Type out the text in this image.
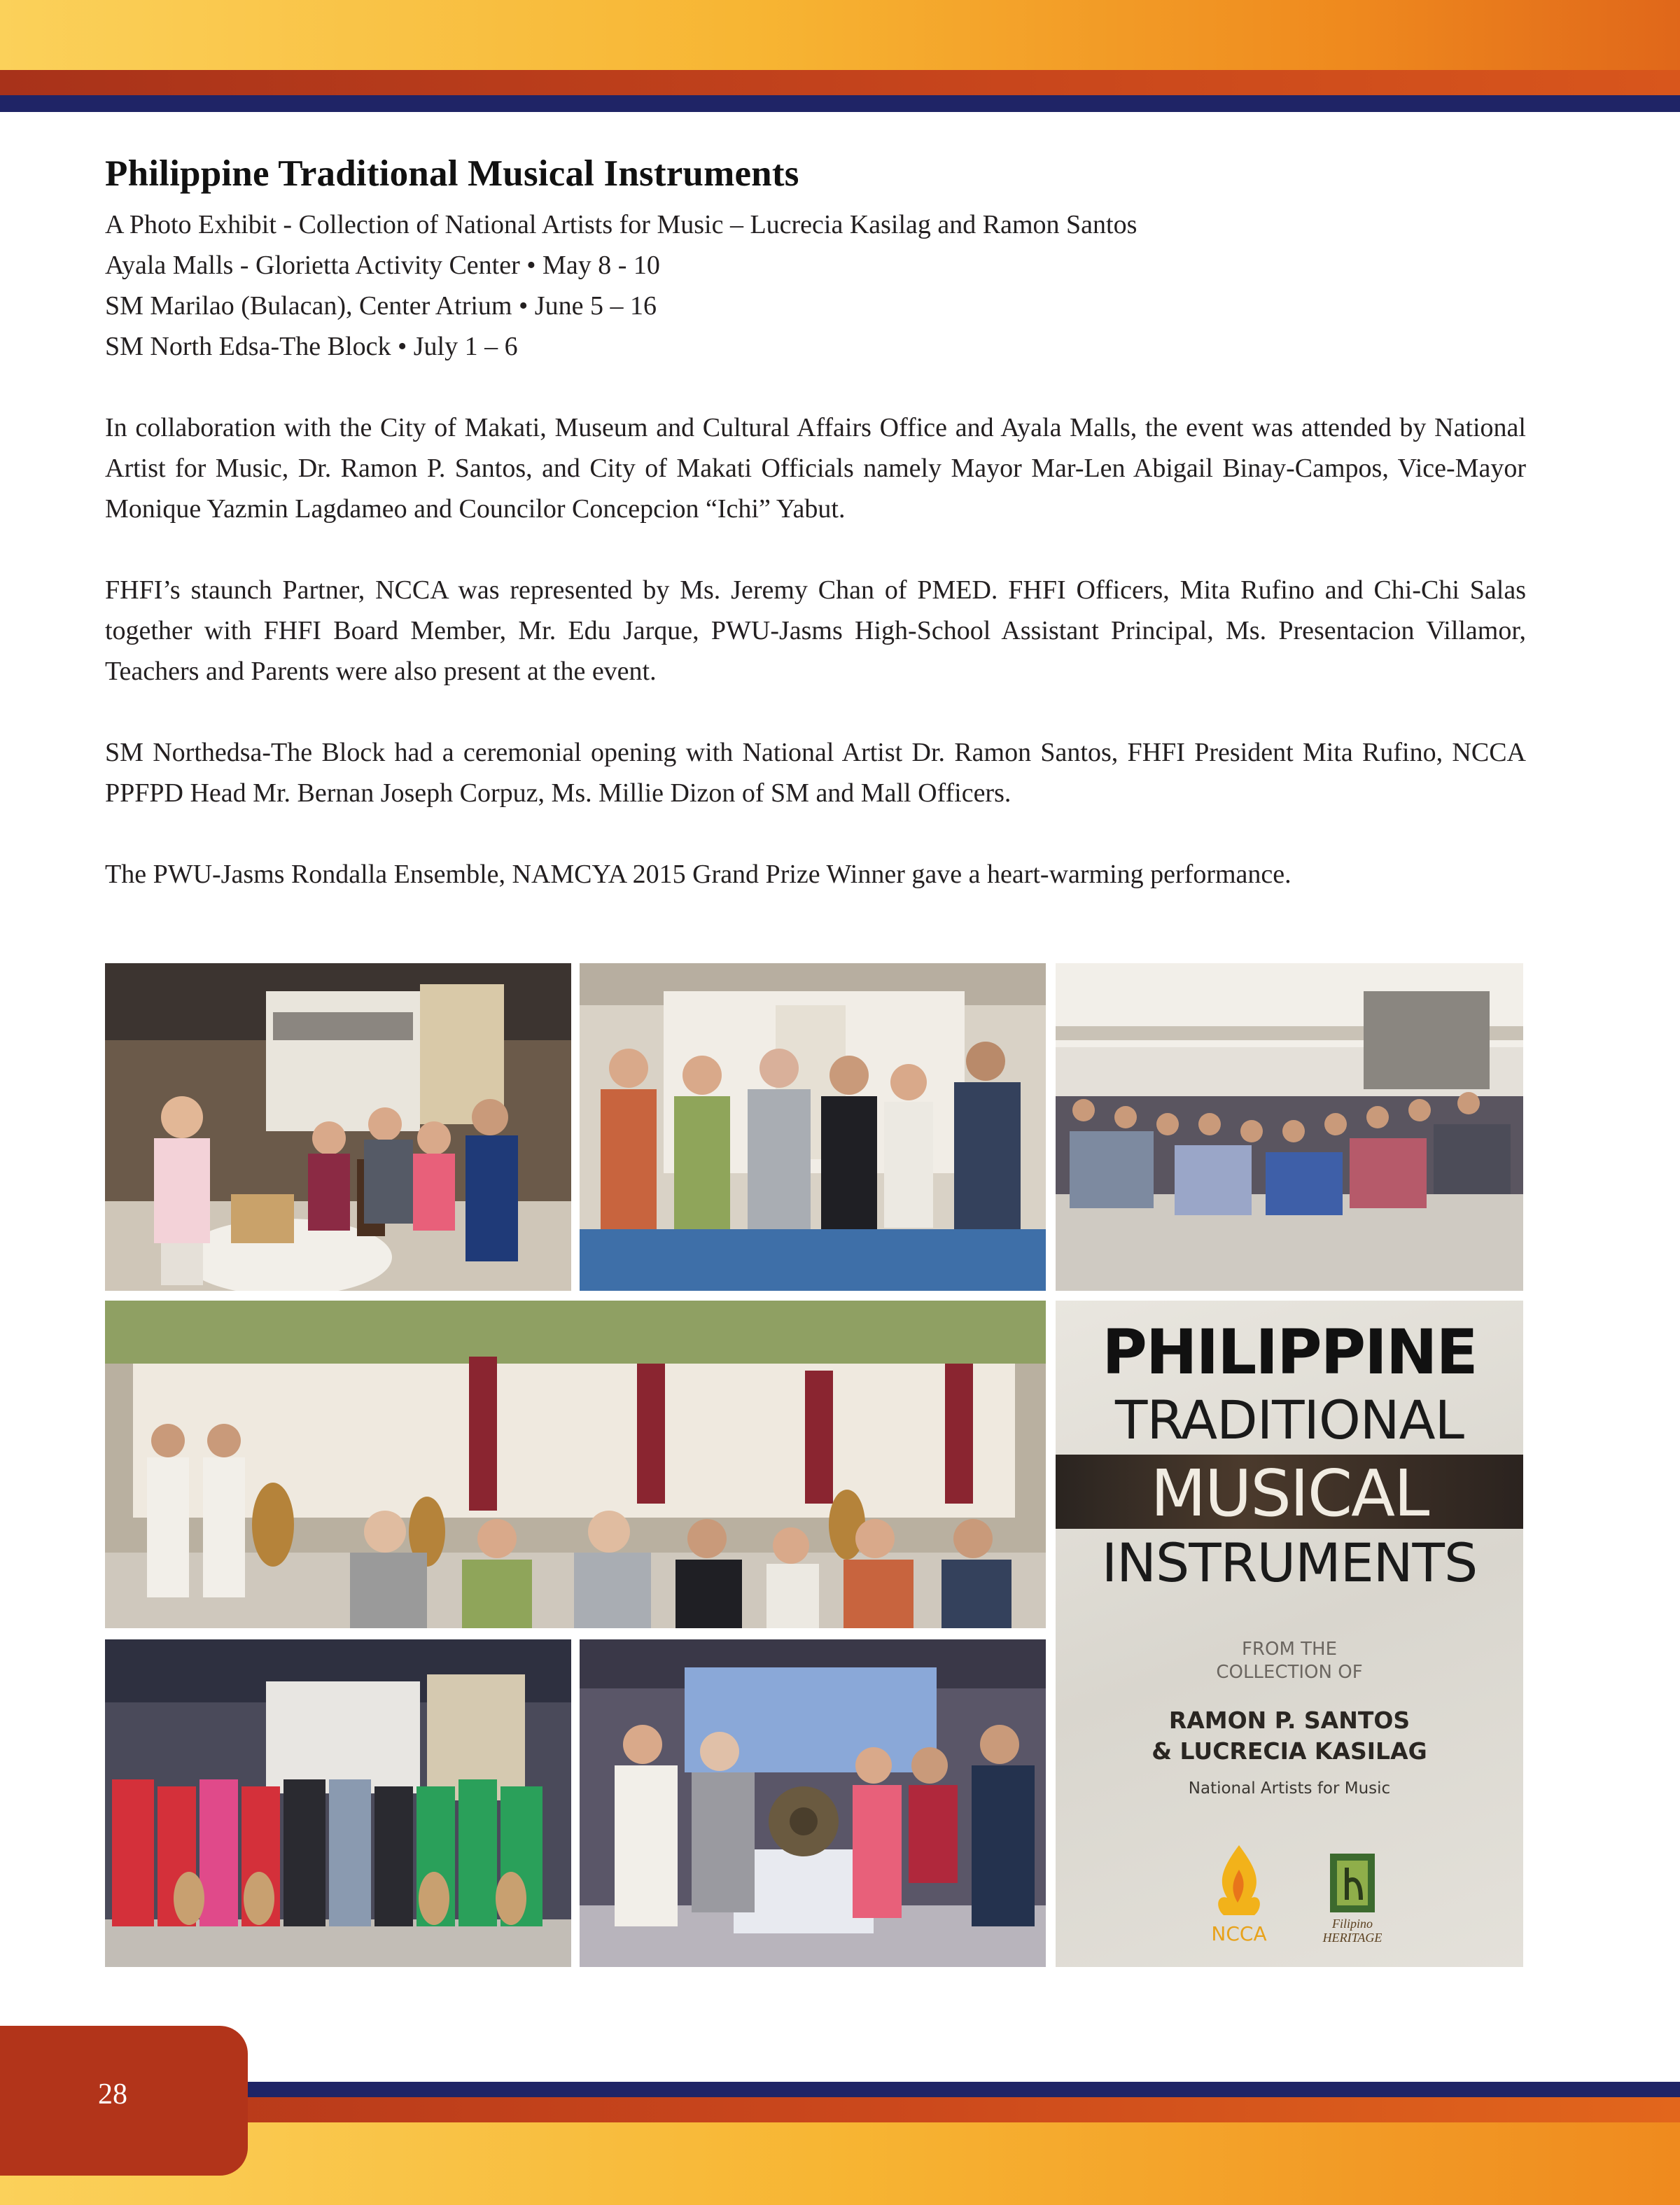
Philippine Traditional Musical Instruments
A Photo Exhibit - Collection of National Artists for Music – Lucrecia Kasilag and Ramon Santos
Ayala Malls - Glorietta Activity Center • May 8 - 10
SM Marilao (Bulacan), Center Atrium • June 5 – 16
SM North Edsa-The Block • July 1 – 6

In collaboration with the City of Makati, Museum and Cultural Affairs Office and Ayala Malls, the event was attended by National Artist for Music, Dr. Ramon P. Santos, and City of Makati Officials namely Mayor Mar-Len Abigail Binay-Campos, Vice-Mayor Monique Yazmin Lagdameo and Councilor Concepcion “Ichi” Yabut.

FHFI’s staunch Partner, NCCA was represented by Ms. Jeremy Chan of PMED. FHFI Officers, Mita Rufino and Chi-Chi Salas together with FHFI Board Member, Mr. Edu Jarque, PWU-Jasms High-School Assistant Principal, Ms. Presentacion Villamor, Teachers and Parents were also present at the event.

SM Northedsa-The Block had a ceremonial opening with National Artist Dr. Ramon Santos, FHFI President Mita Rufino, NCCA PPFPD Head Mr. Bernan Joseph Corpuz, Ms. Millie Dizon of SM and Mall Officers.

The PWU-Jasms Rondalla Ensemble, NAMCYA 2015 Grand Prize Winner gave a heart-warming performance.

PHILIPPINE
TRADITIONAL
MUSICAL
INSTRUMENTS
FROM THE
COLLECTION OF
RAMON P. SANTOS
& LUCRECIA KASILAG
National Artists for Music
NCCA	Filipino
HERITAGE
28
